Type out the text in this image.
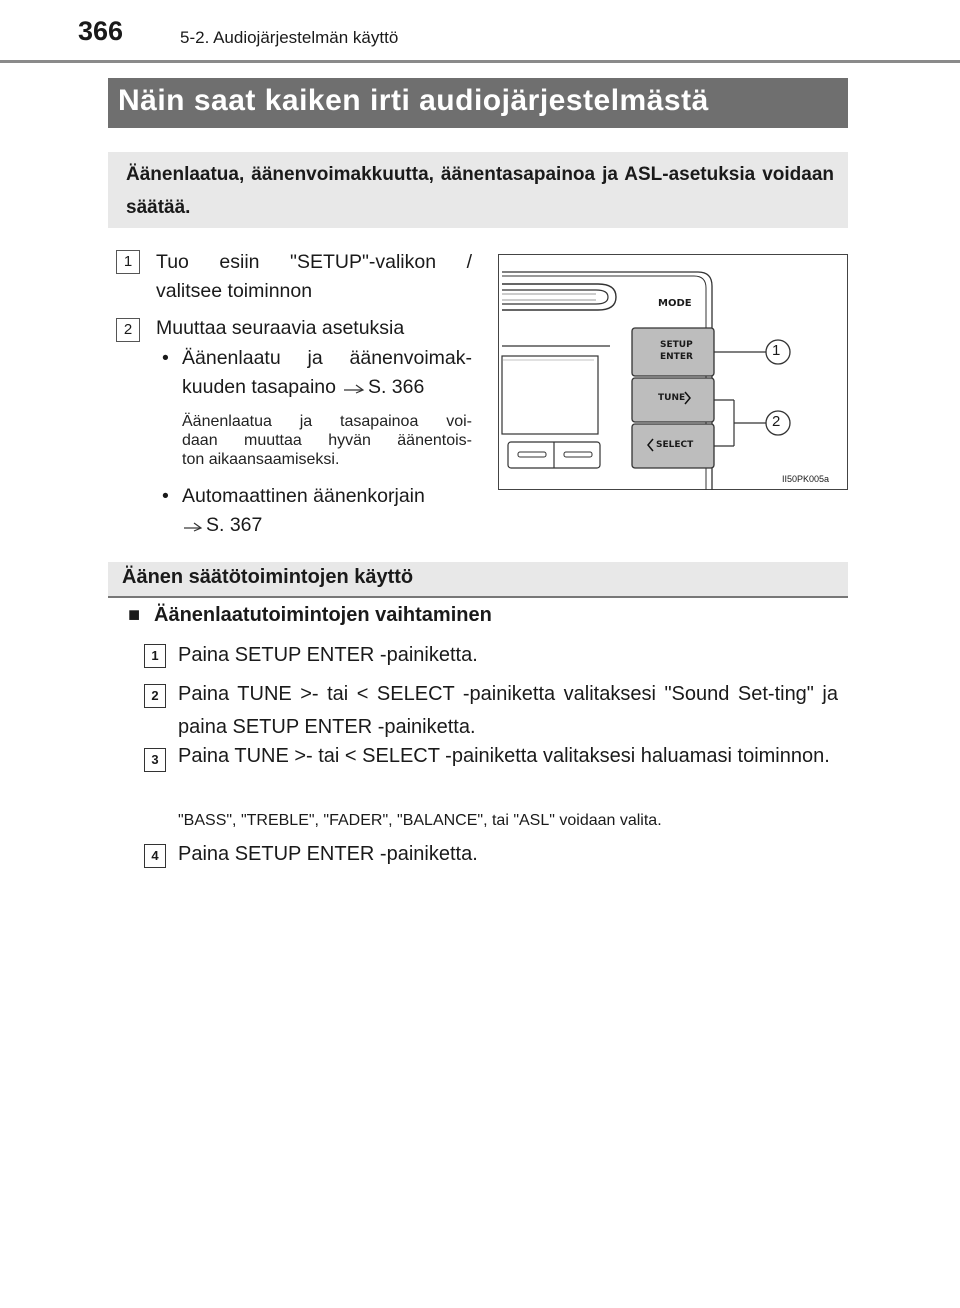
366	5-2. Audiojärjestelmän käyttö
Näin saat kaiken irti audiojärjestelmästä
Äänenlaatua, äänenvoimakkuutta, äänentasapainoa ja ASL-asetuksia voidaan säätää.
1	Tuo esiin "SETUP"-valikon /
valitsee toiminnon
2	Muuttaa seuraavia asetuksia
• Äänenlaatu ja äänenvoimak-
kuuden tasapaino S. 366
Äänenlaatua ja tasapainoa voi-
daan muuttaa hyvän äänentois-
ton aikaansaamiseksi.
• Automaattinen äänenkorjain
S. 367
MODE
SETUP
ENTER
TUNE
SELECT
1
2
II50PK005a
Äänen säätötoimintojen käyttö
■ Äänenlaatutoimintojen vaihtaminen
1 Paina SETUP ENTER -painiketta.
2 Paina TUNE >- tai < SELECT -painiketta valitaksesi "Sound Set-ting" ja paina SETUP ENTER -painiketta.
3 Paina TUNE >- tai < SELECT -painiketta valitaksesi haluamasi toiminnon.
"BASS", "TREBLE", "FADER", "BALANCE", tai "ASL" voidaan valita.
4 Paina SETUP ENTER -painiketta.
